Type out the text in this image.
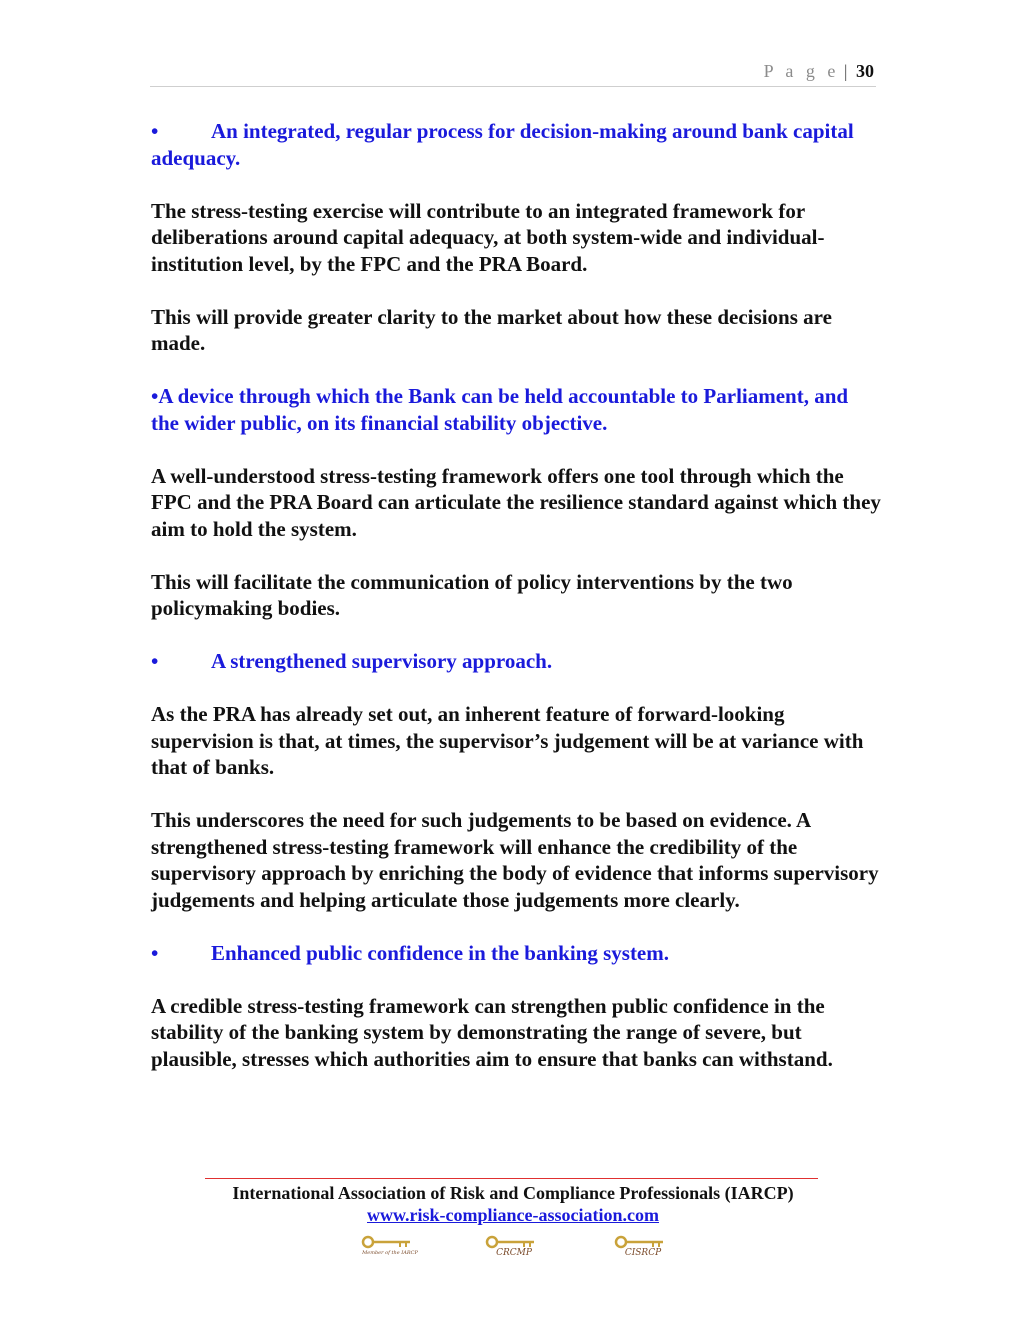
P a g e | 30

•	An integrated, regular process for decision-making around bank capital adequacy.

The stress-testing exercise will contribute to an integrated framework for deliberations around capital adequacy, at both system-wide and individual-institution level, by the FPC and the PRA Board.

This will provide greater clarity to the market about how these decisions are made.

•A device through which the Bank can be held accountable to Parliament, and the wider public, on its financial stability objective.

A well-understood stress-testing framework offers one tool through which the FPC and the PRA Board can articulate the resilience standard against which they aim to hold the system.

This will facilitate the communication of policy interventions by the two policymaking bodies.

•	A strengthened supervisory approach.

As the PRA has already set out, an inherent feature of forward-looking supervision is that, at times, the supervisor’s judgement will be at variance with that of banks.

This underscores the need for such judgements to be based on evidence. A strengthened stress-testing framework will enhance the credibility of the supervisory approach by enriching the body of evidence that informs supervisory judgements and helping articulate those judgements more clearly.

•	Enhanced public confidence in the banking system.

A credible stress-testing framework can strengthen public confidence in the stability of the banking system by demonstrating the range of severe, but plausible, stresses which authorities aim to ensure that banks can withstand.

International Association of Risk and Compliance Professionals (IARCP)
www.risk-compliance-association.com
Member of the IARCP	CRCMP	CISRCP
